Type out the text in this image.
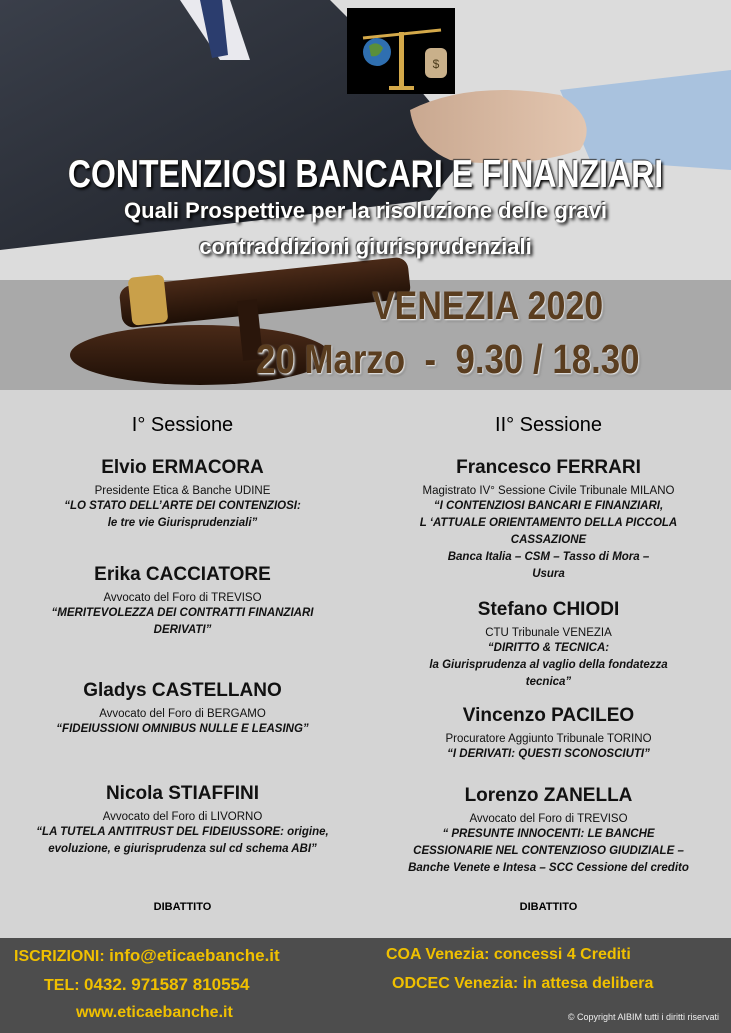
$
CONTENZIOSI BANCARI E FINANZIARI
Quali Prospettive per la risoluzione delle gravi
contraddizioni giurisprudenziali
VENEZIA 2020
20 Marzo  -  9.30 / 18.30
I° Sessione
Elvio ERMACORA
Presidente Etica & Banche UDINE
“LO STATO DELL’ARTE DEI CONTENZIOSI:
le tre vie Giurisprudenziali”
Erika CACCIATORE
Avvocato del Foro di TREVISO
“MERITEVOLEZZA DEI CONTRATTI FINANZIARI
DERIVATI”
Gladys CASTELLANO
Avvocato del Foro di BERGAMO
“FIDEIUSSIONI OMNIBUS NULLE E LEASING”
Nicola STIAFFINI
Avvocato del Foro di LIVORNO
“LA TUTELA ANTITRUST DEL FIDEIUSSORE: origine,
evoluzione, e giurisprudenza sul cd schema ABI”
DIBATTITO
II° Sessione
Francesco FERRARI
Magistrato IV° Sessione Civile Tribunale MILANO
“I CONTENZIOSI BANCARI E FINANZIARI,
L ‘ATTUALE ORIENTAMENTO DELLA PICCOLA
CASSAZIONE
Banca Italia – CSM – Tasso di Mora –
Usura
Stefano CHIODI
CTU Tribunale VENEZIA
“DIRITTO & TECNICA:
la Giurisprudenza al vaglio della fondatezza
tecnica”
Vincenzo PACILEO
Procuratore Aggiunto Tribunale TORINO
“I DERIVATI: QUESTI SCONOSCIUTI”
Lorenzo ZANELLA
Avvocato del Foro di TREVISO
“ PRESUNTE INNOCENTI: LE BANCHE
CESSIONARIE NEL CONTENZIOSO GIUDIZIALE –
Banche Venete e Intesa – SCC Cessione del credito
DIBATTITO
ISCRIZIONI: info@eticaebanche.it
TEL: 0432. 971587 810554
www.eticaebanche.it
COA Venezia: concessi 4 Crediti
ODCEC Venezia: in attesa delibera
© Copyright AIBIM tutti i diritti riservati
